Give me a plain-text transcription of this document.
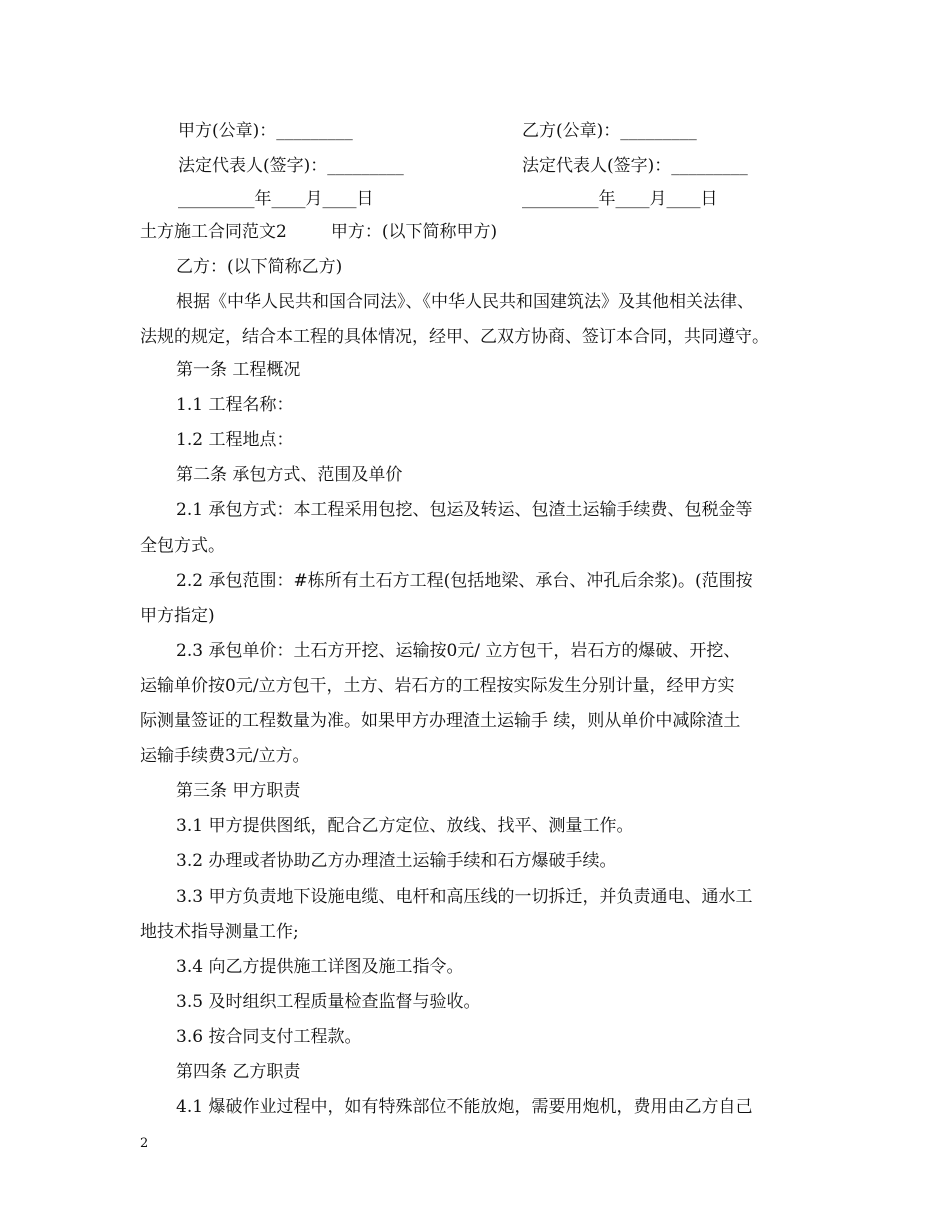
甲方(公章)：_________	乙方(公章)：_________
法定代表人(签字)：_________	法定代表人(签字)：_________
_________年____月____日	_________年____月____日
土方施工合同范文2	甲方：(以下简称甲方)
乙方：(以下简称乙方)
根据《中华人民共和国合同法》、《中华人民共和国建筑法》及其他相关法律、
法规的规定，结合本工程的具体情况，经甲、乙双方协商、签订本合同，共同遵守。
第一条 工程概况
1.1 工程名称：
1.2 工程地点：
第二条 承包方式、范围及单价
2.1 承包方式：本工程采用包挖、包运及转运、包渣土运输手续费、包税金等
全包方式。
2.2 承包范围：#栋所有土石方工程(包括地梁、承台、冲孔后余浆)。(范围按
甲方指定)
2.3 承包单价：土石方开挖、运输按0元/ 立方包干，岩石方的爆破、开挖、
运输单价按0元/立方包干，土方、岩石方的工程按实际发生分别计量，经甲方实
际测量签证的工程数量为准。如果甲方办理渣土运输手 续，则从单价中减除渣土
运输手续费3元/立方。
第三条 甲方职责
3.1 甲方提供图纸，配合乙方定位、放线、找平、测量工作。
3.2 办理或者协助乙方办理渣土运输手续和石方爆破手续。
3.3 甲方负责地下设施电缆、电杆和高压线的一切拆迁，并负责通电、通水工
地技术指导测量工作;
3.4 向乙方提供施工详图及施工指令。
3.5 及时组织工程质量检查监督与验收。
3.6 按合同支付工程款。
第四条 乙方职责
4.1 爆破作业过程中，如有特殊部位不能放炮，需要用炮机，费用由乙方自己
2
